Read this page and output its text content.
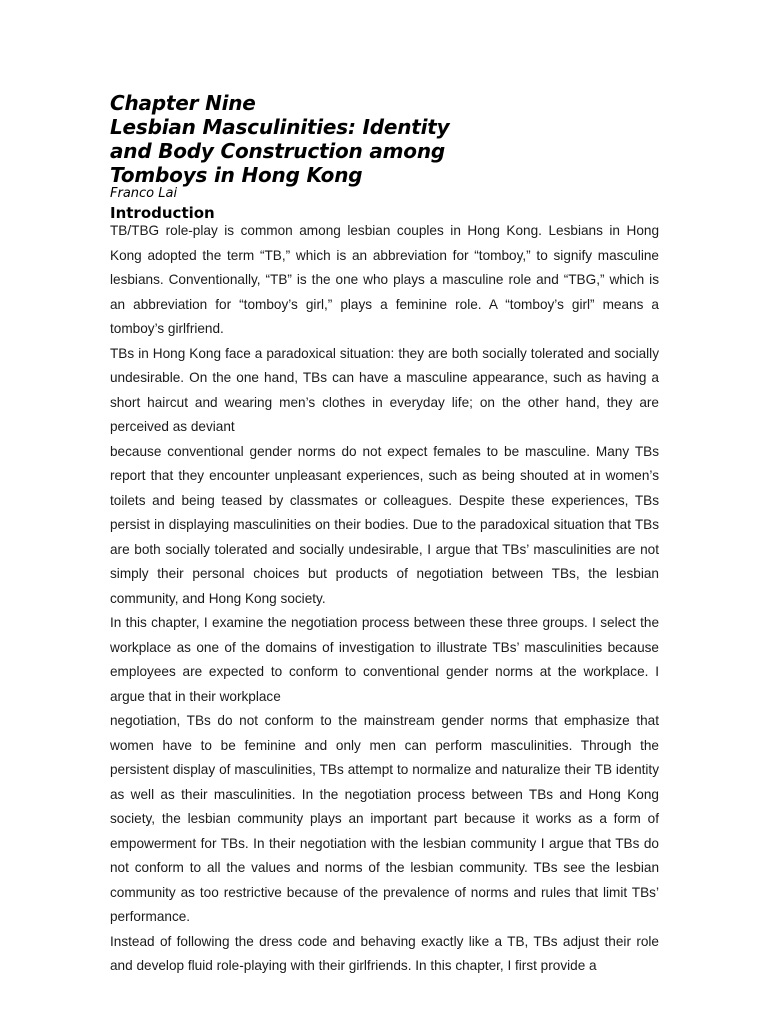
Chapter Nine
Lesbian Masculinities: Identity
and Body Construction among
Tomboys in Hong Kong

Franco Lai

Introduction

TB/TBG role-play is common among lesbian couples in Hong Kong. Lesbians in Hong Kong adopted the term “TB,” which is an abbreviation for “tomboy,” to signify masculine lesbians. Conventionally, “TB” is the one who plays a masculine role and “TBG,” which is an abbreviation for “tomboy’s girl,” plays a feminine role. A “tomboy’s girl” means a tomboy’s girlfriend.

TBs in Hong Kong face a paradoxical situation: they are both socially tolerated and socially undesirable. On the one hand, TBs can have a masculine appearance, such as having a short haircut and wearing men’s clothes in everyday life; on the other hand, they are perceived as deviant

because conventional gender norms do not expect females to be masculine. Many TBs report that they encounter unpleasant experiences, such as being shouted at in women’s toilets and being teased by classmates or colleagues. Despite these experiences, TBs persist in displaying masculinities on their bodies. Due to the paradoxical situation that TBs are both socially tolerated and socially undesirable, I argue that TBs’ masculinities are not simply their personal choices but products of negotiation between TBs, the lesbian community, and Hong Kong society.

In this chapter, I examine the negotiation process between these three groups. I select the workplace as one of the domains of investigation to illustrate TBs’ masculinities because employees are expected to conform to conventional gender norms at the workplace. I argue that in their workplace

negotiation, TBs do not conform to the mainstream gender norms that emphasize that women have to be feminine and only men can perform masculinities. Through the persistent display of masculinities, TBs attempt to normalize and naturalize their TB identity as well as their masculinities. In the negotiation process between TBs and Hong Kong society, the lesbian community plays an important part because it works as a form of empowerment for TBs. In their negotiation with the lesbian community I argue that TBs do not conform to all the values and norms of the lesbian community. TBs see the lesbian community as too restrictive because of the prevalence of norms and rules that limit TBs’ performance.

Instead of following the dress code and behaving exactly like a TB, TBs adjust their role and develop fluid role-playing with their girlfriends. In this chapter, I first provide a
